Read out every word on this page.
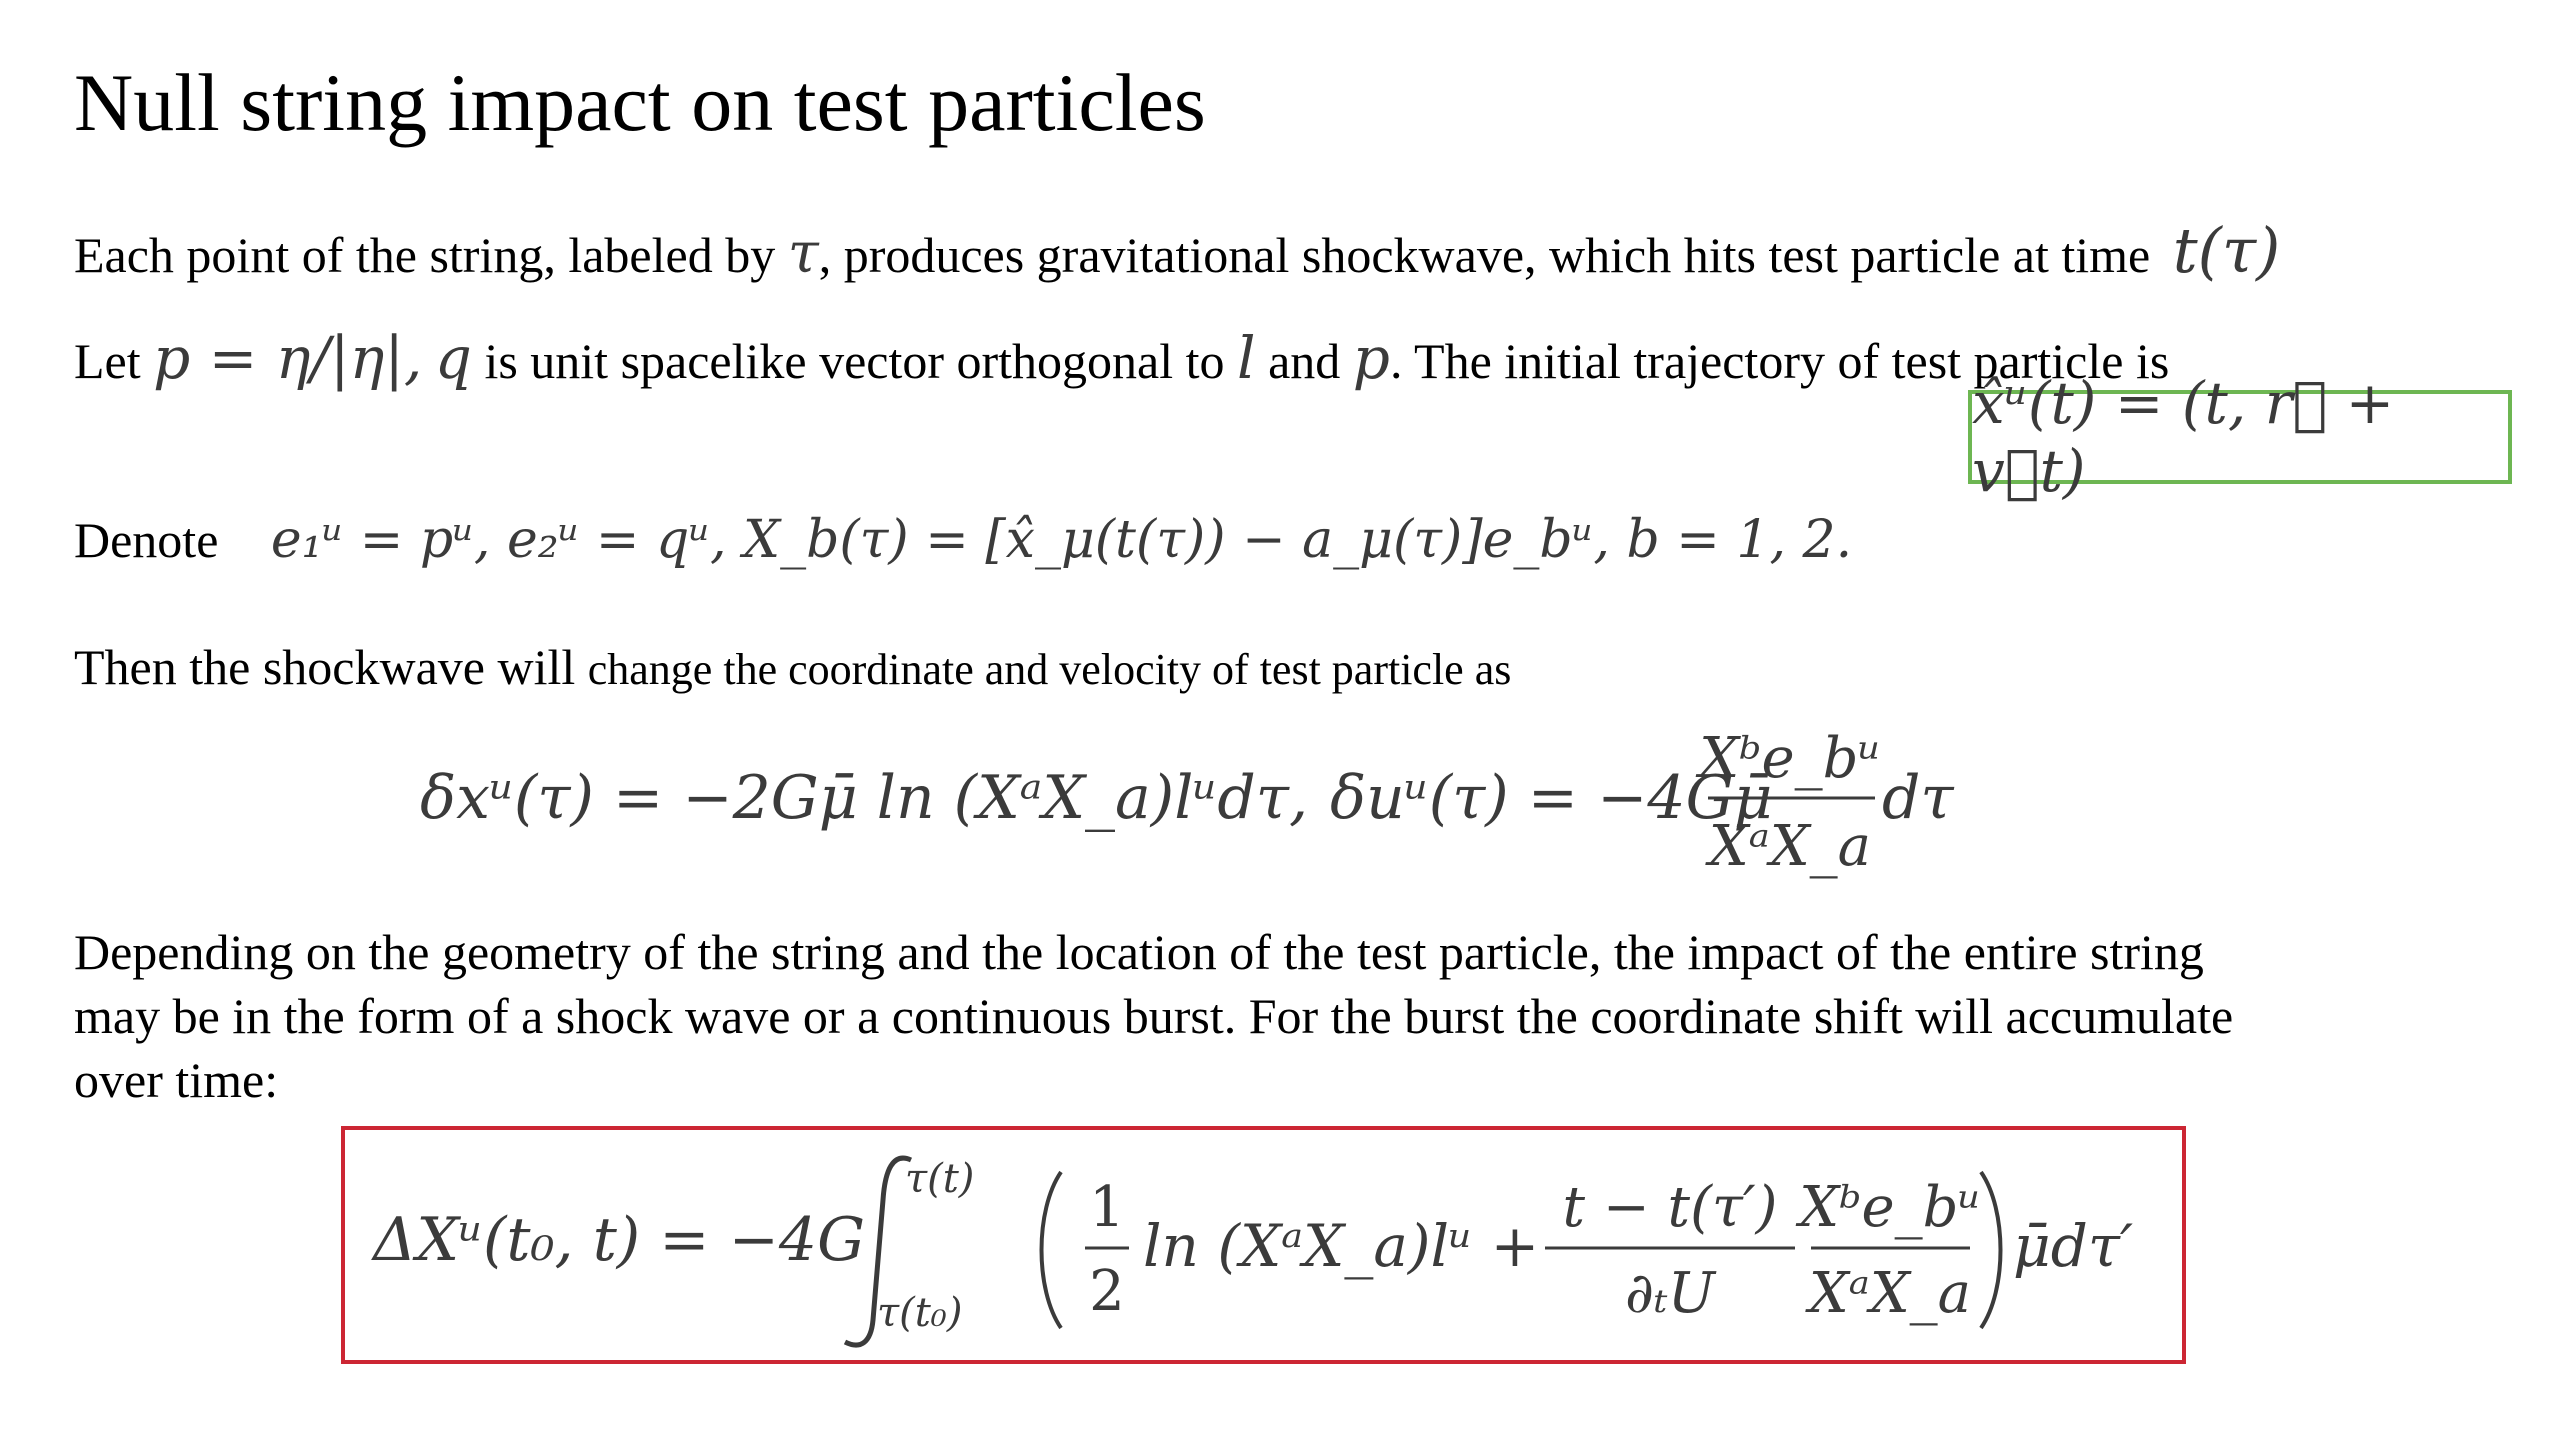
Null string impact on test particles
Each point of the string, labeled by τ, produces gravitational shockwave, which hits test particle at time t(τ)
Let p = η/|η|, q is unit spacelike vector orthogonal to l and p. The initial trajectory of test particle is
x̂ᵘ(t) = (t, r⃗ + v⃗t)
Denote e₁ᵘ = pᵘ, e₂ᵘ = qᵘ, X_b(τ) = [x̂_μ(t(τ)) − a_μ(τ)]e_bᵘ, b = 1, 2.
Then the shockwave will change the coordinate and velocity of test particle as
δxᵘ(τ) = −2Gμ̄ ln (XᵃX_a)lᵘdτ, δuᵘ(τ) = −4Gμ̄
Xᵇe_bᵘ
XᵃX_a
dτ
Depending on the geometry of the string and the location of the test particle, the impact of the entire string
may be in the form of a shock wave or a continuous burst. For the burst the coordinate shift will accumulate
over time:
ΔXᵘ(t₀, t) = −4G
τ(t)
τ(t₀)
1
2
ln (XᵃX_a)lᵘ +
t − t(τ′)
∂ₜU
Xᵇe_bᵘ
XᵃX_a
μ̄dτ′
